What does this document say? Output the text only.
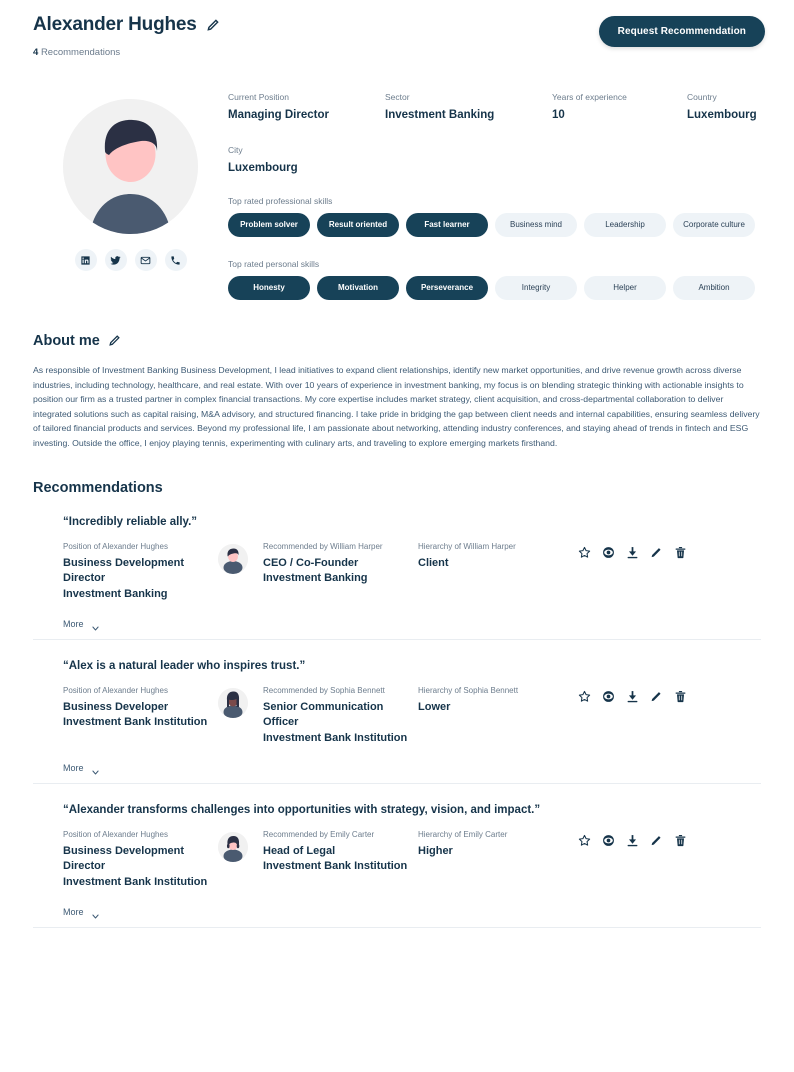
Alexander Hughes
4 Recommendations
Request Recommendation
Current Position
Managing Director
Sector
Investment Banking
Years of experience
10
Country
Luxembourg
City
Luxembourg
Top rated professional skills
Problem solver	Result oriented	Fast learner	Business mind	Leadership	Corporate culture
Top rated personal skills
Honesty	Motivation	Perseverance	Integrity	Helper	Ambition
About me
As responsible of Investment Banking Business Development, I lead initiatives to expand client relationships, identify new market opportunities, and drive revenue growth across diverse industries, including technology, healthcare, and real estate. With over 10 years of experience in investment banking, my focus is on blending strategic thinking with actionable insights to position our firm as a trusted partner in complex financial transactions. My core expertise includes market strategy, client acquisition, and cross-departmental collaboration to deliver integrated solutions such as capital raising, M&A advisory, and structured financing. I take pride in bridging the gap between client needs and internal capabilities, ensuring seamless delivery of tailored financial products and services. Beyond my professional life, I am passionate about networking, attending industry conferences, and staying ahead of trends in fintech and ESG investing. Outside the office, I enjoy playing tennis, experimenting with culinary arts, and traveling to explore emerging markets firsthand.
Recommendations
“Incredibly reliable ally.”
Position of Alexander Hughes
Business Development Director
Investment Banking
Recommended by William Harper
CEO / Co-Founder
Investment Banking
Hierarchy of William Harper
Client
More
“Alex is a natural leader who inspires trust.”
Position of Alexander Hughes
Business Developer
Investment Bank Institution
Recommended by Sophia Bennett
Senior Communication Officer
Investment Bank Institution
Hierarchy of Sophia Bennett
Lower
More
“Alexander transforms challenges into opportunities with strategy, vision, and impact.”
Position of Alexander Hughes
Business Development Director
Investment Bank Institution
Recommended by Emily Carter
Head of Legal
Investment Bank Institution
Hierarchy of Emily Carter
Higher
More
